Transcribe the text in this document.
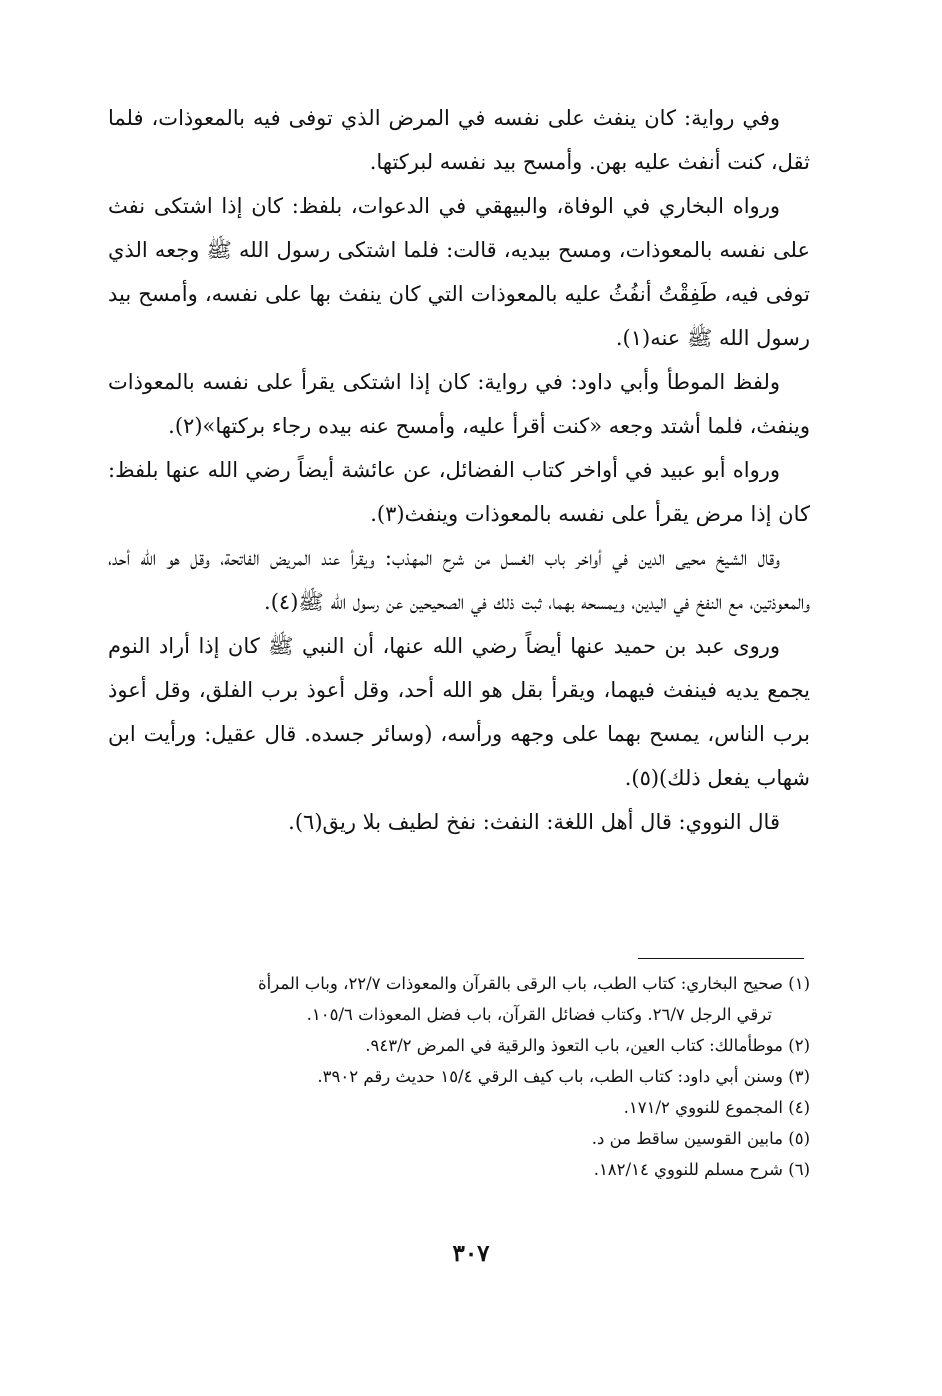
وفي رواية: كان ينفث على نفسه في المرض الذي توفى فيه بالمعوذات، فلما ثقل، كنت أنفث عليه بهن. وأمسح بيد نفسه لبركتها.

ورواه البخاري في الوفاة، والبيهقي في الدعوات، بلفظ: كان إذا اشتكى نفث على نفسه بالمعوذات، ومسح بيديه، قالت: فلما اشتكى رسول الله ﷺ وجعه الذي توفى فيه، طَفِقْتُ أنفُثُ عليه بالمعوذات التي كان ينفث بها على نفسه، وأمسح بيد رسول الله ﷺ عنه(١).

ولفظ الموطأ وأبي داود: في رواية: كان إذا اشتكى يقرأ على نفسه بالمعوذات وينفث، فلما أشتد وجعه «كنت أقرأ عليه، وأمسح عنه بيده رجاء بركتها»(٢).

ورواه أبو عبيد في أواخر كتاب الفضائل، عن عائشة أيضاً رضي الله عنها بلفظ: كان إذا مرض يقرأ على نفسه بالمعوذات وينفث(٣).

وقال الشيخ محيى الدين في أواخر باب الغسل من شرح المهذب: ويقرأ عند المريض الفاتحة، وقل هو الله أحد، والمعوذتين، مع النفخ في اليدين، ويمسحه بهما، ثبت ذلك في الصحيحين عن رسول الله ﷺ(٤).

وروى عبد بن حميد عنها أيضاً رضي الله عنها، أن النبي ﷺ كان إذا أراد النوم يجمع يديه فينفث فيهما، ويقرأ بقل هو الله أحد، وقل أعوذ برب الفلق، وقل أعوذ برب الناس، يمسح بهما على وجهه ورأسه، (وسائر جسده. قال عقيل: ورأيت ابن شهاب يفعل ذلك)(٥).

قال النووي: قال أهل اللغة: النفث: نفخ لطيف بلا ريق(٦).

(١) صحيح البخاري: كتاب الطب، باب الرقى بالقرآن والمعوذات ٢٢/٧، وباب المرأة

ترقي الرجل ٢٦/٧. وكتاب فضائل القرآن، باب فضل المعوذات ١٠٥/٦.

(٢) موطأمالك: كتاب العين، باب التعوذ والرقية في المرض ٩٤٣/٢.

(٣) وسنن أبي داود: كتاب الطب، باب كيف الرقي ١٥/٤ حديث رقم ٣٩٠٢.

(٤) المجموع للنووي ١٧١/٢.

(٥) مابين القوسين ساقط من د.

(٦) شرح مسلم للنووي ١٨٢/١٤.

٣٠٧
